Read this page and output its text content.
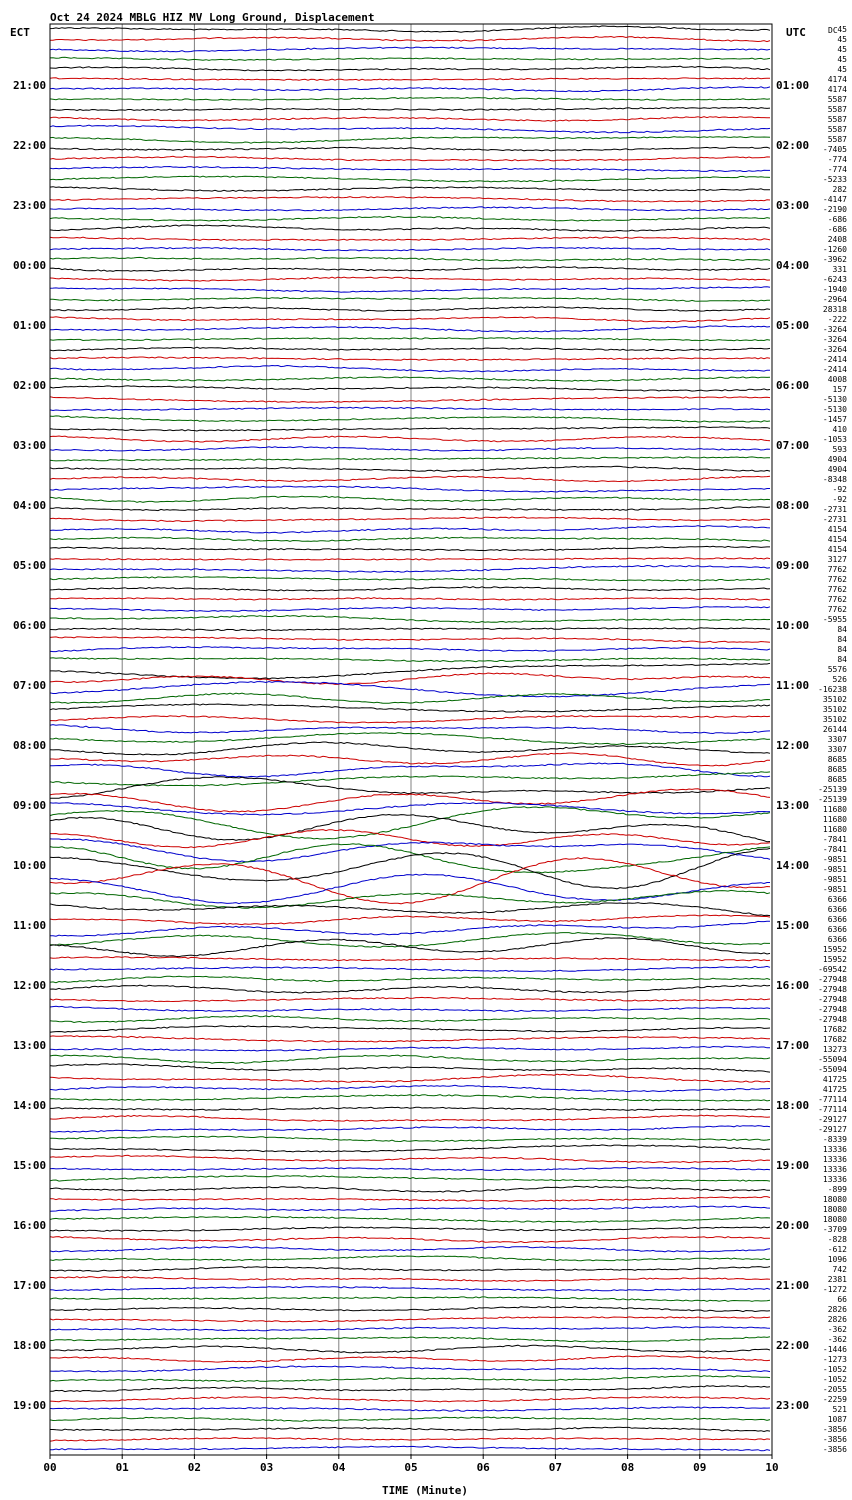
Oct 24 2024 MBLG HIZ MV Long Ground, Displacement
ECT	UTC	DC
TIME (Minute)
21:00	01:00
22:00	02:00
23:00	03:00
00:00	04:00
01:00	05:00
02:00	06:00
03:00	07:00
04:00	08:00
05:00	09:00
06:00	10:00
07:00	11:00
08:00	12:00
09:00	13:00
10:00	14:00
11:00	15:00
12:00	16:00
13:00	17:00
14:00	18:00
15:00	19:00
16:00	20:00
17:00	21:00
18:00	22:00
19:00	23:00
45
45
45
45
45
4174
4174
5587
5587
5587
5587
5587
-7405
-774
-774
-5233
282
-4147
-2190
-686
-686
2408
-1260
-3962
331
-6243
-1940
-2964
28318
-222
-3264
-3264
-3264
-2414
-2414
4008
157
-5130
-5130
-1457
410
-1053
593
4904
4904
-8348
-92
-92
-2731
-2731
4154
4154
4154
3127
7762
7762
7762
7762
7762
-5955
84
84
84
84
5576
526
-16238
35102
35102
35102
26144
3307
3307
8685
8685
8685
-25139
-25139
11680
11680
11680
-7841
-7841
-9851
-9851
-9851
-9851
6366
6366
6366
6366
6366
15952
15952
-69542
-27948
-27948
-27948
-27948
-27948
17682
17682
13273
-55094
-55094
41725
41725
-77114
-77114
-29127
-29127
-8339
13336
13336
13336
13336
-899
18080
18080
18080
-3709
-828
-612
1096
742
2381
-1272
66
2826
2826
-362
-362
-1446
-1273
-1052
-1052
-2055
-2259
521
1087
-3856
-3856
-3856
00	01	02	03	04	05	06	07	08	09	10
